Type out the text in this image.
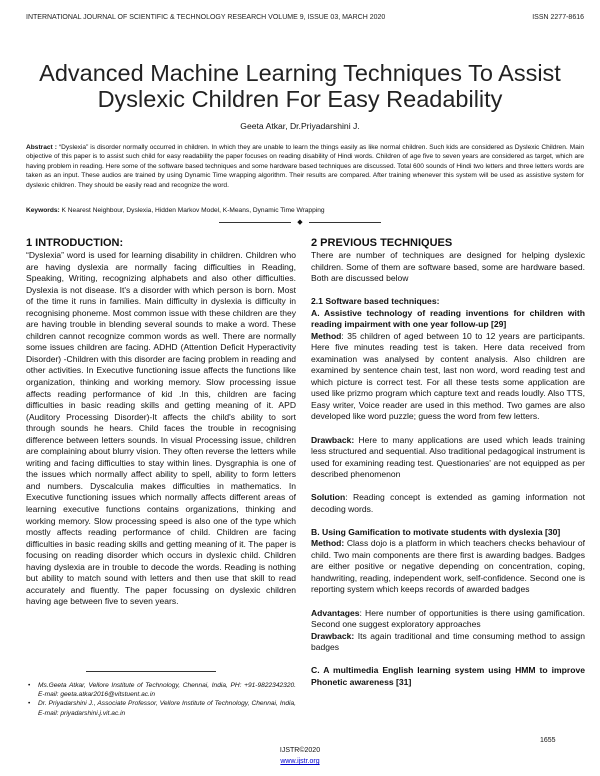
INTERNATIONAL JOURNAL OF SCIENTIFIC & TECHNOLOGY RESEARCH VOLUME 9, ISSUE 03, MARCH 2020	ISSN 2277-8616
Advanced Machine Learning Techniques To Assist Dyslexic Children For Easy Readability
Geeta Atkar, Dr.Priyadarshini J.

Abstract : “Dyslexia” is disorder normally occurred in children. In which they are unable to learn the things easily as like normal children. Such kids are considered as Dyslexic Children. Main objective of this paper is to assist such child for easy readability the paper focuses on reading disability of Hindi words. Children of age five to seven years are considered as target, which are having problem in reading. Here some of the software based techniques and some hardware based techniques are discussed. Total 600 sounds of Hindi two letters and three letters words are taken as an input. These audios are trained by using Dynamic Time wrapping algorithm. Their results are compared. After training whenever this system will be used as assistive system for dyslexic children. They should be easily read and recognize the word.

Keywords: K Nearest Neighbour, Dyslexia, Hidden Markov Model, K-Means, Dynamic Time Wrapping

◆
1 INTRODUCTION:

“Dyslexia” word is used for learning disability in children. Children who are having dyslexia are normally facing difficulties in Reading, Speaking, Writing, recognizing alphabets and also other difficulties. Dyslexia is not disease. It's a disorder with which person is born. Most of the time it runs in families. Main difficulty in dyslexia is difficulty in recognising phoneme. Most common issue with these children are they are having trouble in blending several sounds to make a word. These children cannot recognize common words as well. There are normally some issues children are facing. ADHD (Attention Deficit Hyperactivity Disorder) -Children with this disorder are facing problem in reading and other activities. In Executive functioning issue affects the functions like organization, thinking and working memory. Slow processing issue affects reading performance of kid .In this, children are facing difficulties in basic reading skills and getting meaning of it. APD (Auditory Processing Disorder)-It affects the child's ability to sort through sounds he hears. Child faces the trouble in recognising difference between letters sounds. In visual Processing issue, children are complaining about blurry vision. They often reverse the letters while writing and facing difficulties to stay within lines. Dysgraphia is one of the issues which normally affect ability to spell, ability to form letters and numbers. Dyscalculia makes difficulties in mathematics. In Executive functioning issues which normally affects different areas of learning executive functions contains organizations, thinking and working memory. Slow processing speed is also one of the type which mostly affects reading performance of child. Children are facing difficulties in basic reading skills and getting meaning of it. The paper is focusing on reading disorder which occurs in dyslexic child. Children having dyslexia are in trouble to decode the words. Reading is nothing but ability to match sound with letters and then use that skill to read accurately and fluently. The paper focussing on dyslexic children having age between five to seven years.

• Ms.Geeta Atkar, Vellore Institute of Technology, Chennai, India, PH: +91-9822342320. E-mail: geeta.atkar2016@vitstuent.ac.in
• Dr. Priyadarshini J., Associate Professor, Vellore Institute of Technology, Chennai, India, E-mail: priyadarshini.j.vit.ac.in
2 PREVIOUS TECHNIQUES

There are number of techniques are designed for helping dyslexic children. Some of them are software based, some are hardware based. Both are discussed below

2.1 Software based techniques:
A. Assistive technology of reading inventions for children with reading impairment with one year follow-up [29]

Method: 35 children of aged between 10 to 12 years are participants. Here five minutes reading test is taken. Here data received from examination was analysed by content analysis. Also children are examined by sentence chain test, last non word, word reading test and which picture is correct test. For all these tests some application are used like prizmo program which capture text and reads loudly. Also TTS, Easy writer, Voice reader are used in this method. Two games are also developed like word puzzle; guess the word from few letters.

Drawback: Here to many applications are used which leads training less structured and sequential. Also traditional pedagogical instrument is used for examining reading test. Questionaries' are not equipped as per described phenomenon

Solution: Reading concept is extended as gaming information not decoding words.

B. Using Gamification to motivate students with dyslexia [30]

Method: Class dojo is a platform in which teachers checks behaviour of child. Two main components are there first is awarding badges. Badges are either positive or negative depending on concentration, coping, handwriting, reading, independent work, self-confidence. Second one is reporting system which keeps records of awarded badges

Advantages: Here number of opportunities is there using gamification. Second one suggest exploratory approaches

Drawback: Its again traditional and time consuming method to assign badges

C. A multimedia English learning system using HMM to improve Phonetic awareness [31]
1655
IJSTR©2020
www.ijstr.org
